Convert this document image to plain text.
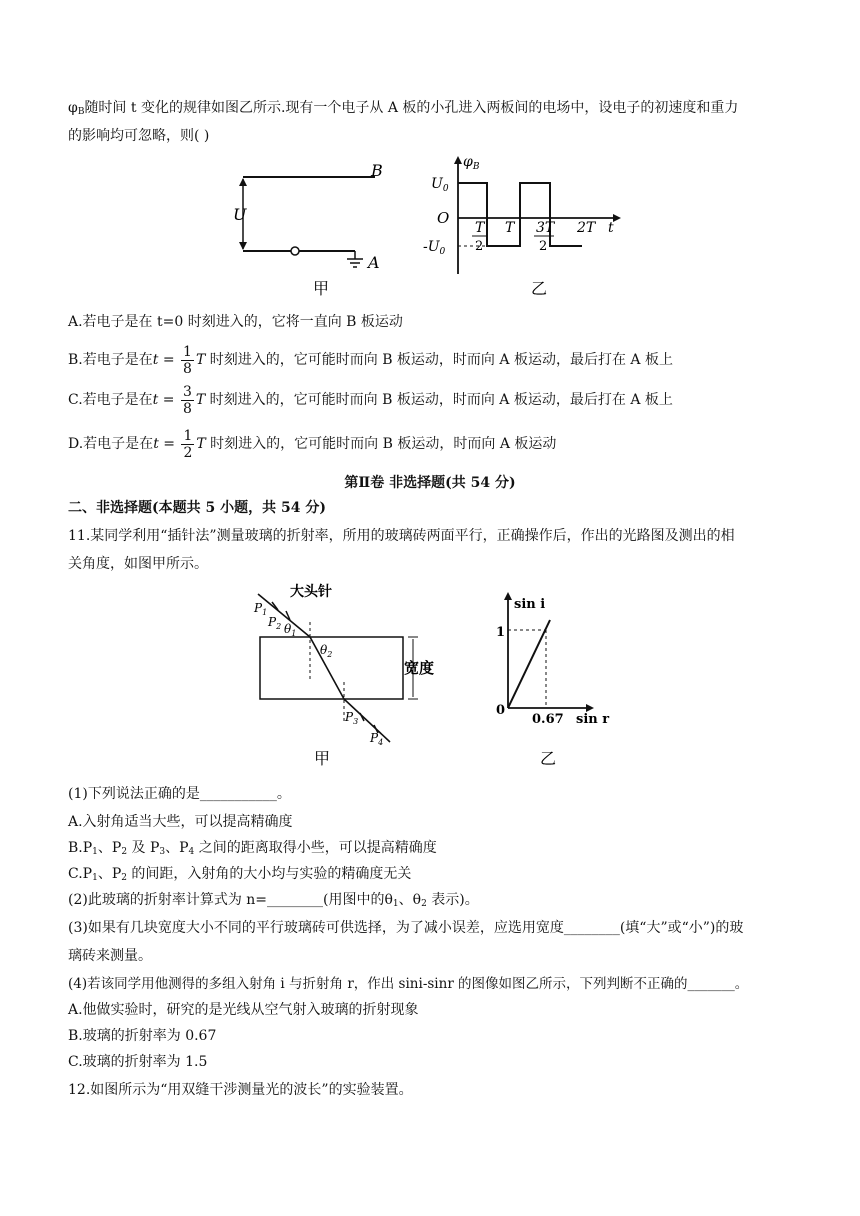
$\varphi_B$随时间 t 变化的规律如图乙所示.现有一个电子从 A 板的小孔进入两板间的电场中，设电子的初速度和重力
的影响均可忽略，则( )
B
U
A
甲
$\varphi_B$
$U_0$
O
$-U_0$
T
2
T 3T
2
2T t
乙
A.若电子是在 t=0 时刻进入的，它将一直向 B 板运动
B.若电子是在$t = \frac{1}{8}$ T 时刻进入的，它可能时而向 B 板运动，时而向 A 板运动，最后打在 A 板上
C.若电子是在$t = \frac{3}{8}$ T 时刻进入的，它可能时而向 B 板运动，时而向 A 板运动，最后打在 A 板上
D.若电子是在$t = \frac{1}{2}$ T 时刻进入的，它可能时而向 B 板运动，时而向 A 板运动
第Ⅱ卷 非选择题(共 54 分)
二、非选择题(本题共 5 小题，共 54 分)
11.某同学利用“插针法”测量玻璃的折射率，所用的玻璃砖两面平行，正确操作后，作出的光路图及测出的相
关角度，如图甲所示。
大头针
$P_1$
$P_2$ $\theta_1$
$\theta_2$
宽度
$P_3$
$P_4$
甲
sin i
1
0
0.67 sin r
乙
(1)下列说法正确的是___________。
A.入射角适当大些，可以提高精确度
$B.P_1$、$P_2$ 及 $P_3$、$P_4$ 之间的距离取得小些，可以提高精确度
$C.P_1$、$P_2$ 的间距，入射角的大小均与实验的精确度无关
(2)此玻璃的折射率计算式为 n=________(用图中的$\theta_1$、$\theta_2$ 表示)。
(3)如果有几块宽度大小不同的平行玻璃砖可供选择，为了减小误差，应选用宽度________(填“大”或“小”)的玻
璃砖来测量。
(4)若该同学用他测得的多组入射角 i 与折射角 r，作出 sini-sinr 的图像如图乙所示，下列判断不正确的_______。
A.他做实验时，研究的是光线从空气射入玻璃的折射现象
B.玻璃的折射率为 0.67
C.玻璃的折射率为 1.5
12.如图所示为“用双缝干涉测量光的波长”的实验装置。
